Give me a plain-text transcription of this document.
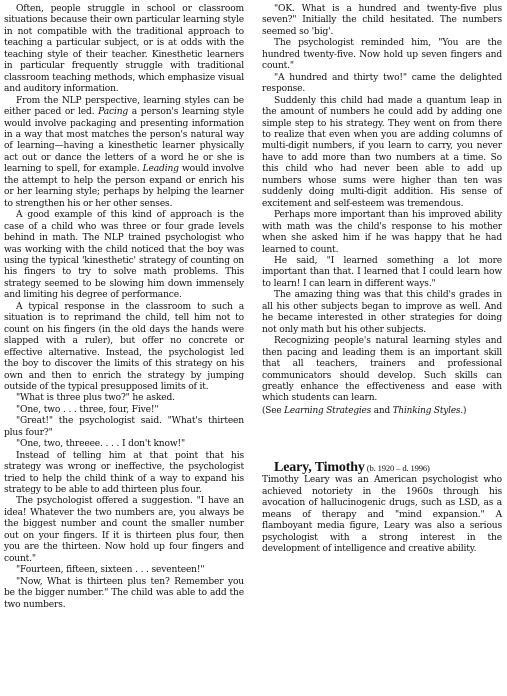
Often, people struggle in school or classroom situations because their own particular learning style in not compatible with the traditional approach to teaching a particular subject, or is at odds with the teaching style of their teacher. Kinesthetic learners in particular frequently struggle with traditional classroom teaching methods, which emphasize visual and auditory information.

From the NLP perspective, learning styles can be either paced or led. Pacing a person's learning style would involve packaging and presenting information in a way that most matches the person's natural way of learning—having a kinesthetic learner physically act out or dance the letters of a word he or she is learning to spell, for example. Leading would involve the attempt to help the person expand or enrich his or her learning style; perhaps by helping the learner to strengthen his or her other senses.

A good example of this kind of approach is the case of a child who was three or four grade levels behind in math. The NLP trained psychologist who was working with the child noticed that the boy was using the typical 'kinesthetic' strategy of counting on his fingers to try to solve math problems. This strategy seemed to be slowing him down immensely and limiting his degree of performance.

A typical response in the classroom to such a situation is to reprimand the child, tell him not to count on his fingers (in the old days the hands were slapped with a ruler), but offer no concrete or effective alternative. Instead, the psychologist led the boy to discover the limits of this strategy on his own and then to enrich the strategy by jumping outside of the typical presupposed limits of it.

"What is three plus two?" he asked.

"One, two . . . three, four, Five!"

"Great!" the psychologist said. "What's thirteen plus four?"

"One, two, threeee. . . . I don't know!"

Instead of telling him at that point that his strategy was wrong or ineffective, the psychologist tried to help the child think of a way to expand his strategy to be able to add thirteen plus four.

The psychologist offered a suggestion. "I have an idea! Whatever the two numbers are, you always be the biggest number and count the smaller number out on your fingers. If it is thirteen plus four, then you are the thirteen. Now hold up four fingers and count."

"Fourteen, fifteen, sixteen . . . seventeen!"

"Now, What is thirteen plus ten? Remember you be the bigger number." The child was able to add the two numbers.

"OK. What is a hundred and twenty-five plus seven?" Initially the child hesitated. The numbers seemed so 'big'.

The psychologist reminded him, "You are the hundred twenty-five. Now hold up seven fingers and count."

"A hundred and thirty two!" came the delighted response.

Suddenly this child had made a quantum leap in the amount of numbers he could add by adding one simple step to his strategy. They went on from there to realize that even when you are adding columns of multi-digit numbers, if you learn to carry, you never have to add more than two numbers at a time. So this child who had never been able to add up numbers whose sums were higher than ten was suddenly doing multi-digit addition. His sense of excitement and self-esteem was tremendous.

Perhaps more important than his improved ability with math was the child's response to his mother when she asked him if he was happy that he had learned to count.

He said, "I learned something a lot more important than that. I learned that I could learn how to learn! I can learn in different ways."

The amazing thing was that this child's grades in all his other subjects began to improve as well. And he became interested in other strategies for doing not only math but his other subjects.

Recognizing people's natural learning styles and then pacing and leading them is an important skill that all teachers, trainers and professional communicators should develop. Such skills can greatly enhance the effectiveness and ease with which students can learn.

(See Learning Strategies and Thinking Styles.)

Leary, Timothy (b. 1920 – d. 1996)

Timothy Leary was an American psychologist who achieved notoriety in the 1960s through his avocation of hallucinogenic drugs, such as LSD, as a means of therapy and "mind expansion." A flamboyant media figure, Leary was also a serious psychologist with a strong interest in the development of intelligence and creative ability.
